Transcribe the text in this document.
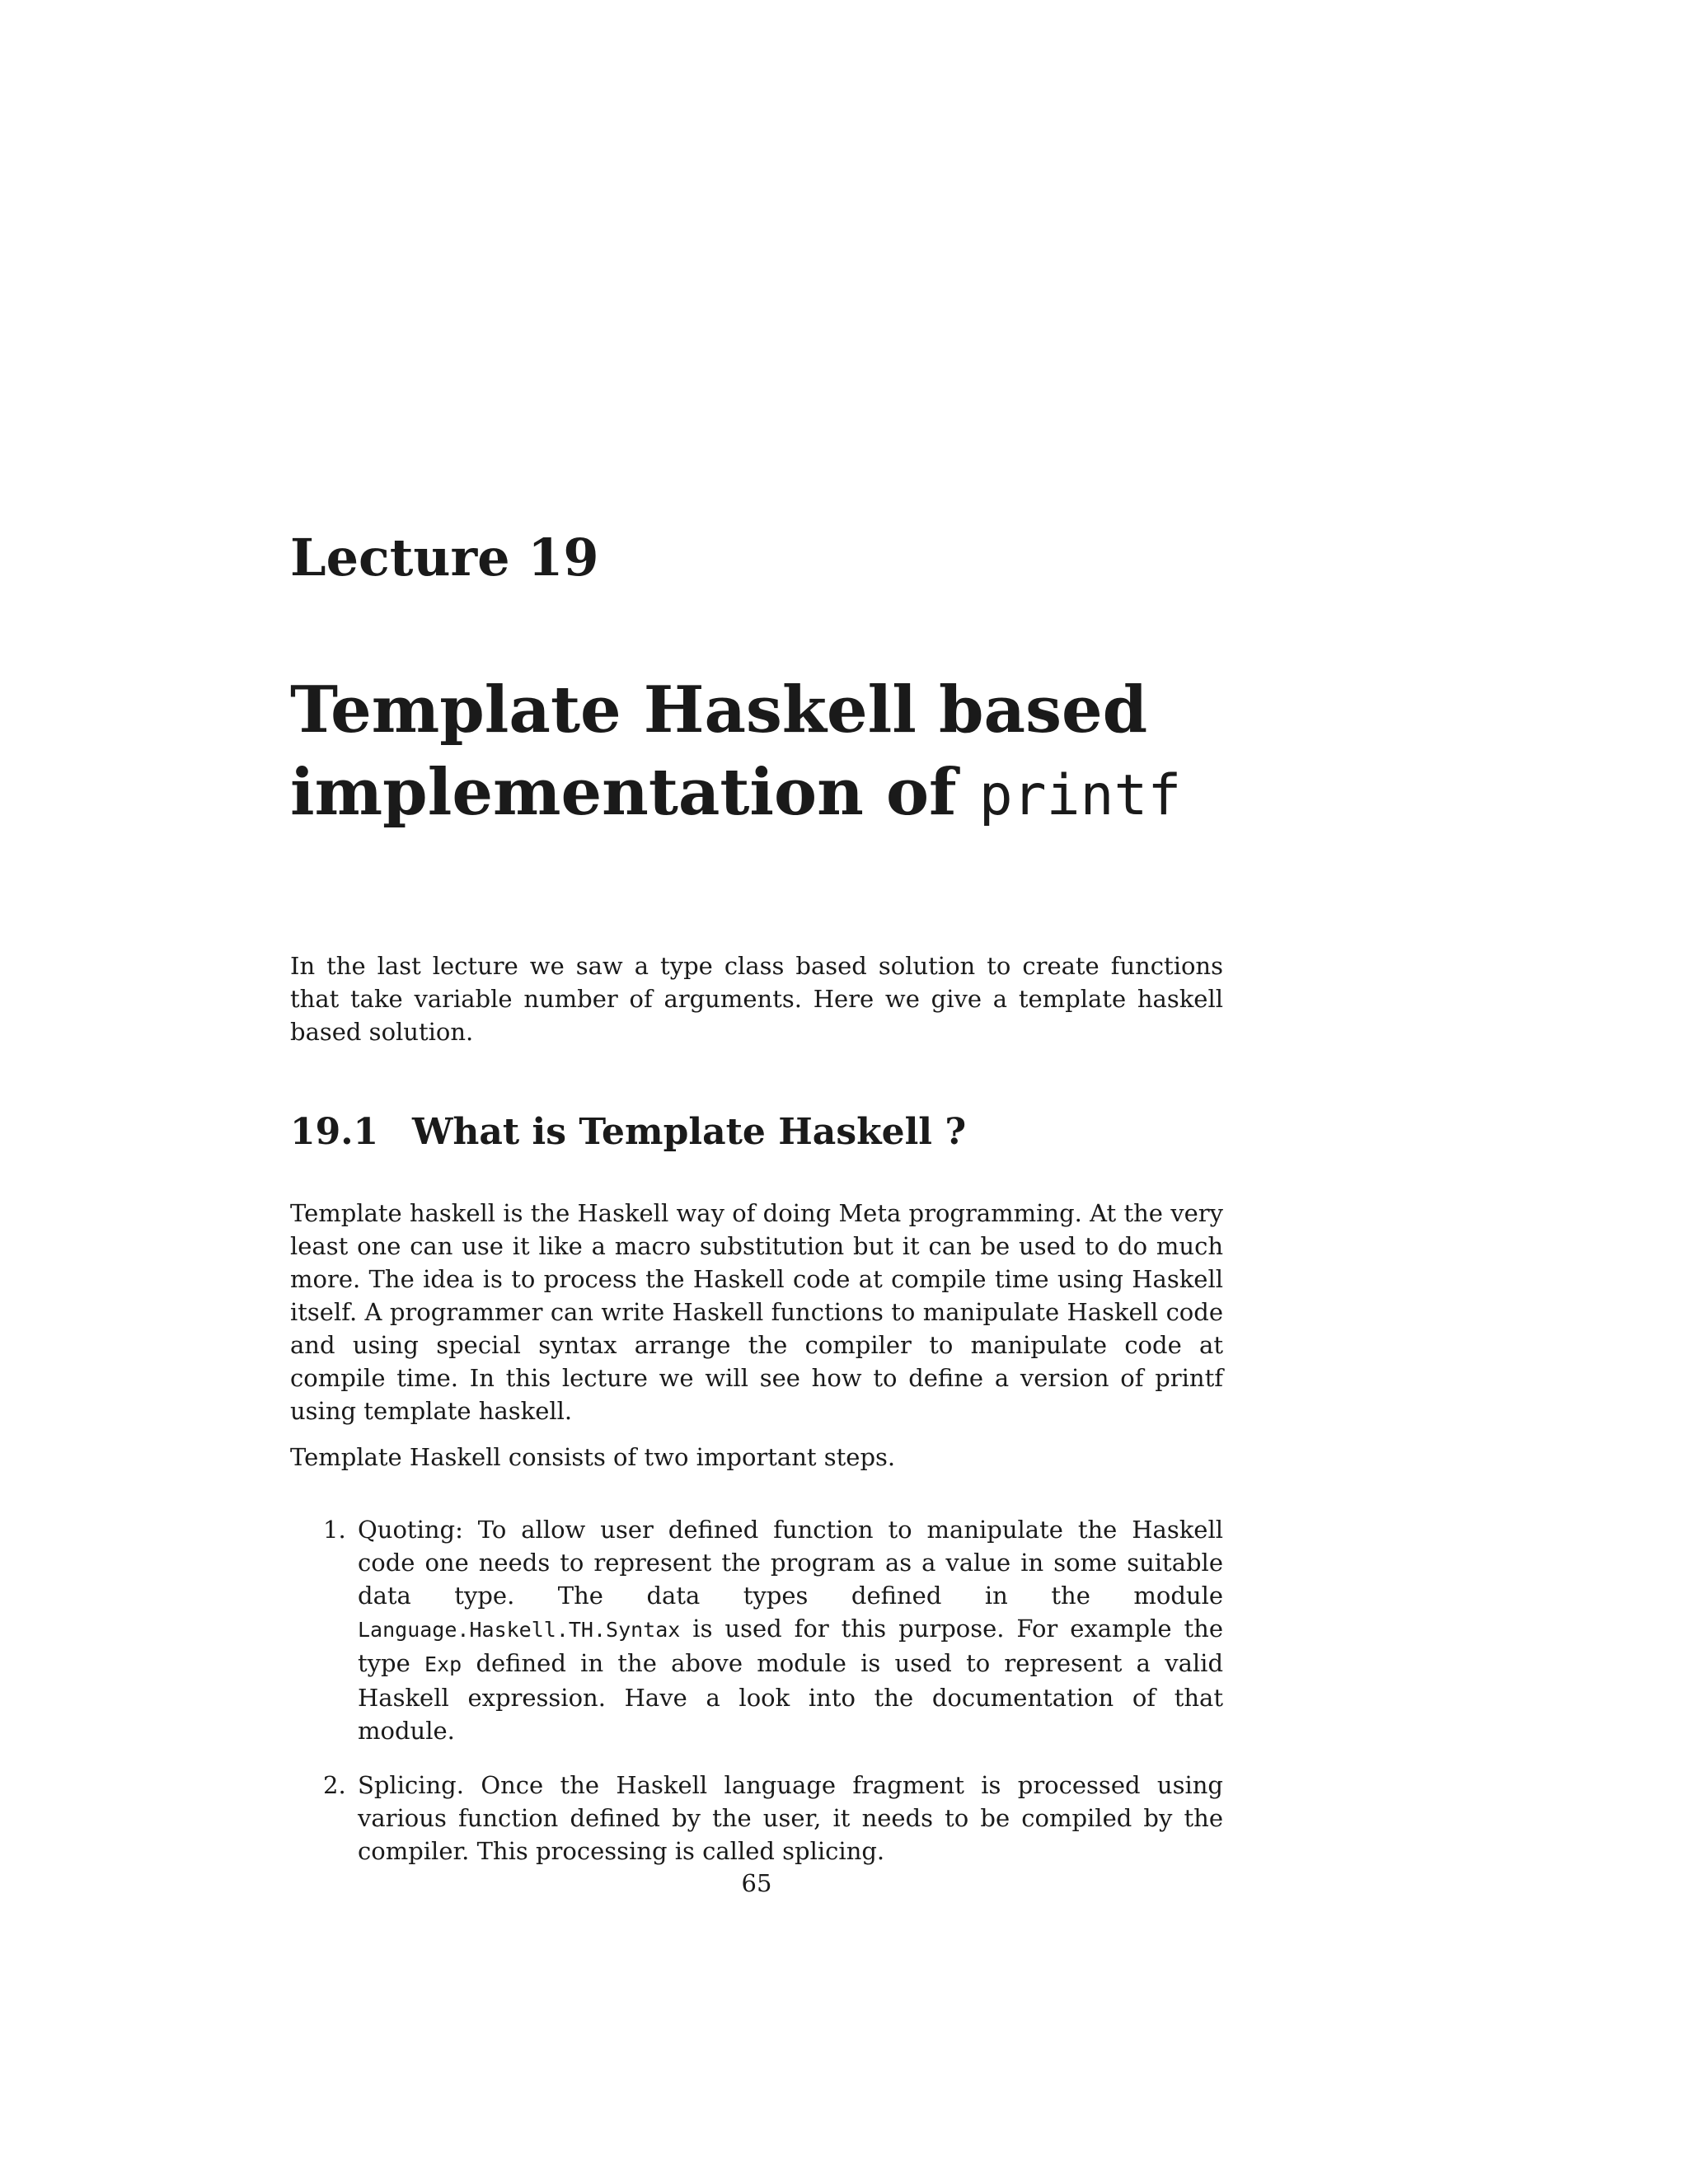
Lecture 19
Template Haskell based
implementation of printf

In the last lecture we saw a type class based solution to create functions that take variable number of arguments. Here we give a template haskell based solution.

19.1 What is Template Haskell ?

Template haskell is the Haskell way of doing Meta programming. At the very least one can use it like a macro substitution but it can be used to do much more. The idea is to process the Haskell code at compile time using Haskell itself. A programmer can write Haskell functions to manipulate Haskell code and using special syntax arrange the compiler to manipulate code at compile time. In this lecture we will see how to define a version of printf using template haskell.

Template Haskell consists of two important steps.

1. Quoting: To allow user defined function to manipulate the Haskell code one needs to represent the program as a value in some suitable data type. The data types defined in the module Language.Haskell.TH.Syntax is used for this purpose. For example the type Exp defined in the above module is used to represent a valid Haskell expression. Have a look into the documentation of that module.
2. Splicing. Once the Haskell language fragment is processed using various function defined by the user, it needs to be compiled by the compiler. This processing is called splicing.

65
